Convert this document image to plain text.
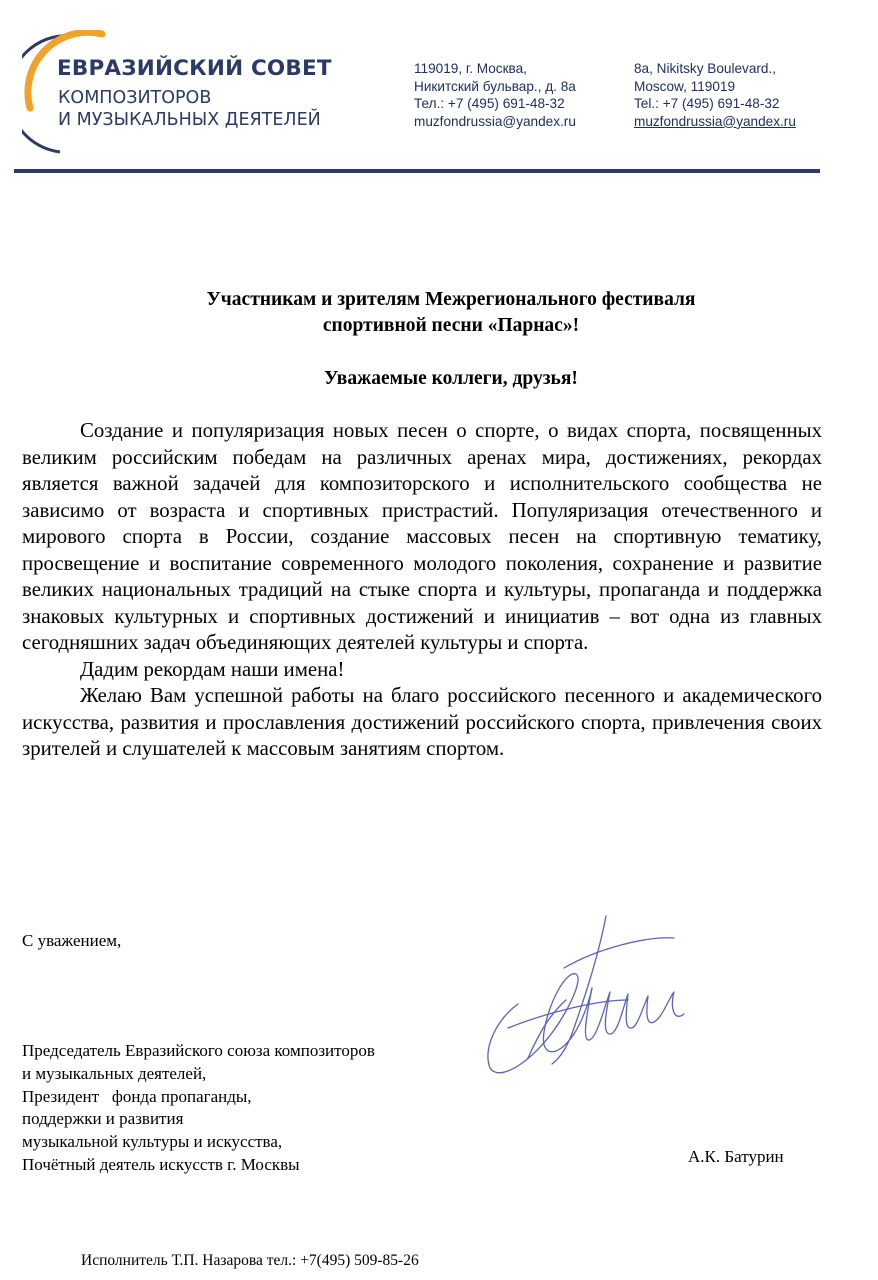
ЕВРАЗИЙСКИЙ СОВЕТ
КОМПОЗИТОРОВ
И МУЗЫКАЛЬНЫХ ДЕЯТЕЛЕЙ
119019, г. Москва,
Никитский бульвар., д. 8а
Тел.: +7 (495) 691-48-32
muzfondrussia@yandex.ru
8a, Nikitsky Boulevard.,
Moscow, 119019
Tel.: +7 (495) 691-48-32
muzfondrussia@yandex.ru
Участникам и зрителям Межрегионального фестиваля
спортивной песни «Парнас»!
Уважаемые коллеги, друзья!

Создание и популяризация новых песен о спорте, о видах спорта, посвященных великим российским победам на различных аренах мира, достижениях, рекордах является важной задачей для композиторского и исполнительского сообщества не зависимо от возраста и спортивных пристрастий. Популяризация отечественного и мирового спорта в России, создание массовых песен на спортивную тематику, просвещение и воспитание современного молодого поколения, сохранение и развитие великих национальных традиций на стыке спорта и культуры, пропаганда и поддержка знаковых культурных и спортивных достижений и инициатив – вот одна из главных сегодняшних задач объединяющих деятелей культуры и спорта.

Дадим рекордам наши имена!

Желаю Вам успешной работы на благо российского песенного и академического искусства, развития и прославления достижений российского спорта, привлечения своих зрителей и слушателей к массовым занятиям спортом.

С уважением,
Председатель Евразийского союза композиторов
и музыкальных деятелей,
Президент   фонда пропаганды,
поддержки и развития
музыкальной культуры и искусства,
Почётный деятель искусств г. Москвы	А.К. Батурин
Исполнитель Т.П. Назарова тел.: +7(495) 509-85-26
